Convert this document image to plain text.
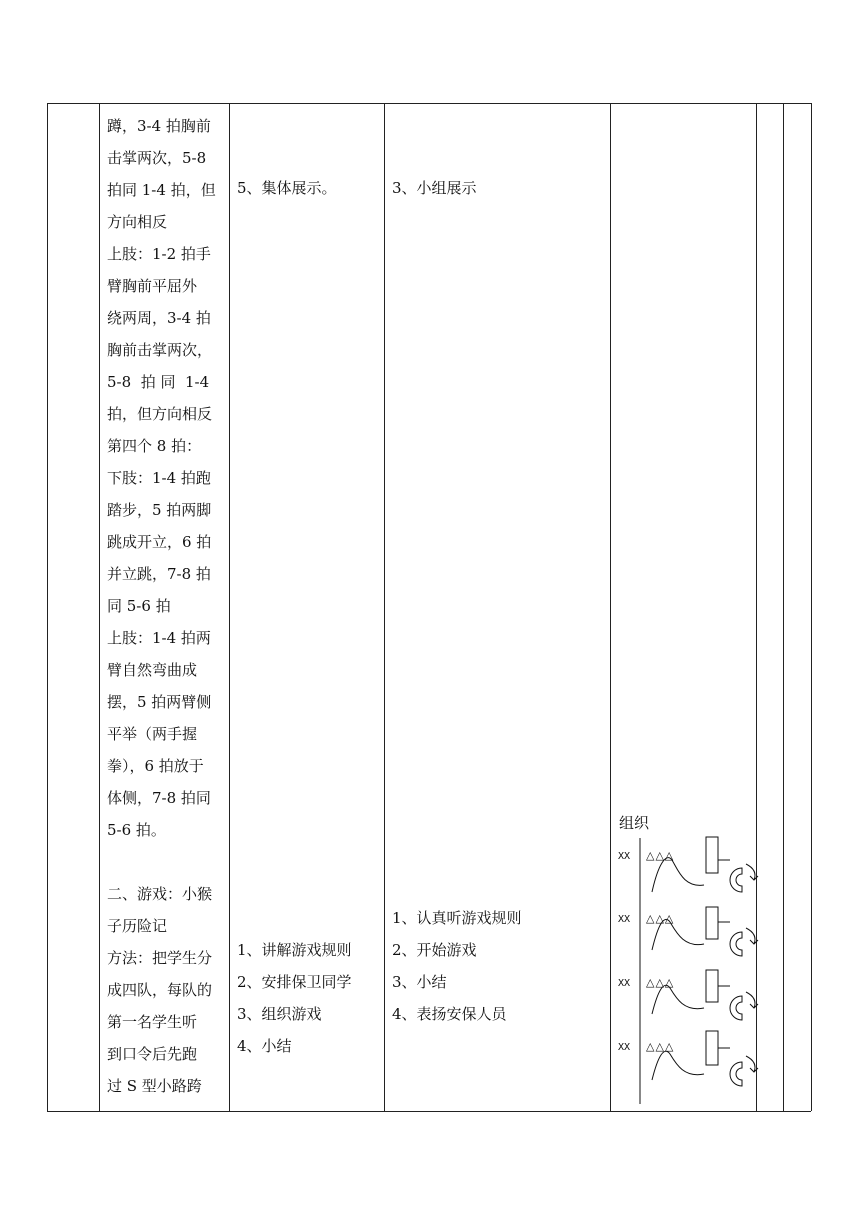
蹲，3-4 拍胸前
击掌两次，5-8
拍同 1-4 拍，但
方向相反
上肢：1-2 拍手
臂胸前平屈外
绕两周，3-4 拍
胸前击掌两次，
5-8  拍 同  1-4
拍，但方向相反
第四个 8 拍：
下肢：1-4 拍跑
踏步，5 拍两脚
跳成开立，6 拍
并立跳，7-8 拍
同 5-6 拍
上肢：1-4 拍两
臂自然弯曲成
摆，5 拍两臂侧
平举（两手握
拳），6 拍放于
体侧，7-8 拍同
5-6 拍。
二、游戏：小猴
子历险记
方法：把学生分
成四队，每队的
第一名学生听
到口令后先跑
过 S 型小路跨
5、集体展示。
1、讲解游戏规则
2、安排保卫同学
3、组织游戏
4、小结
3、小组展示
1、认真听游戏规则
2、开始游戏
3、小结
4、表扬安保人员
组织
XX △△△
XX △△△
XX △△△
XX △△△
